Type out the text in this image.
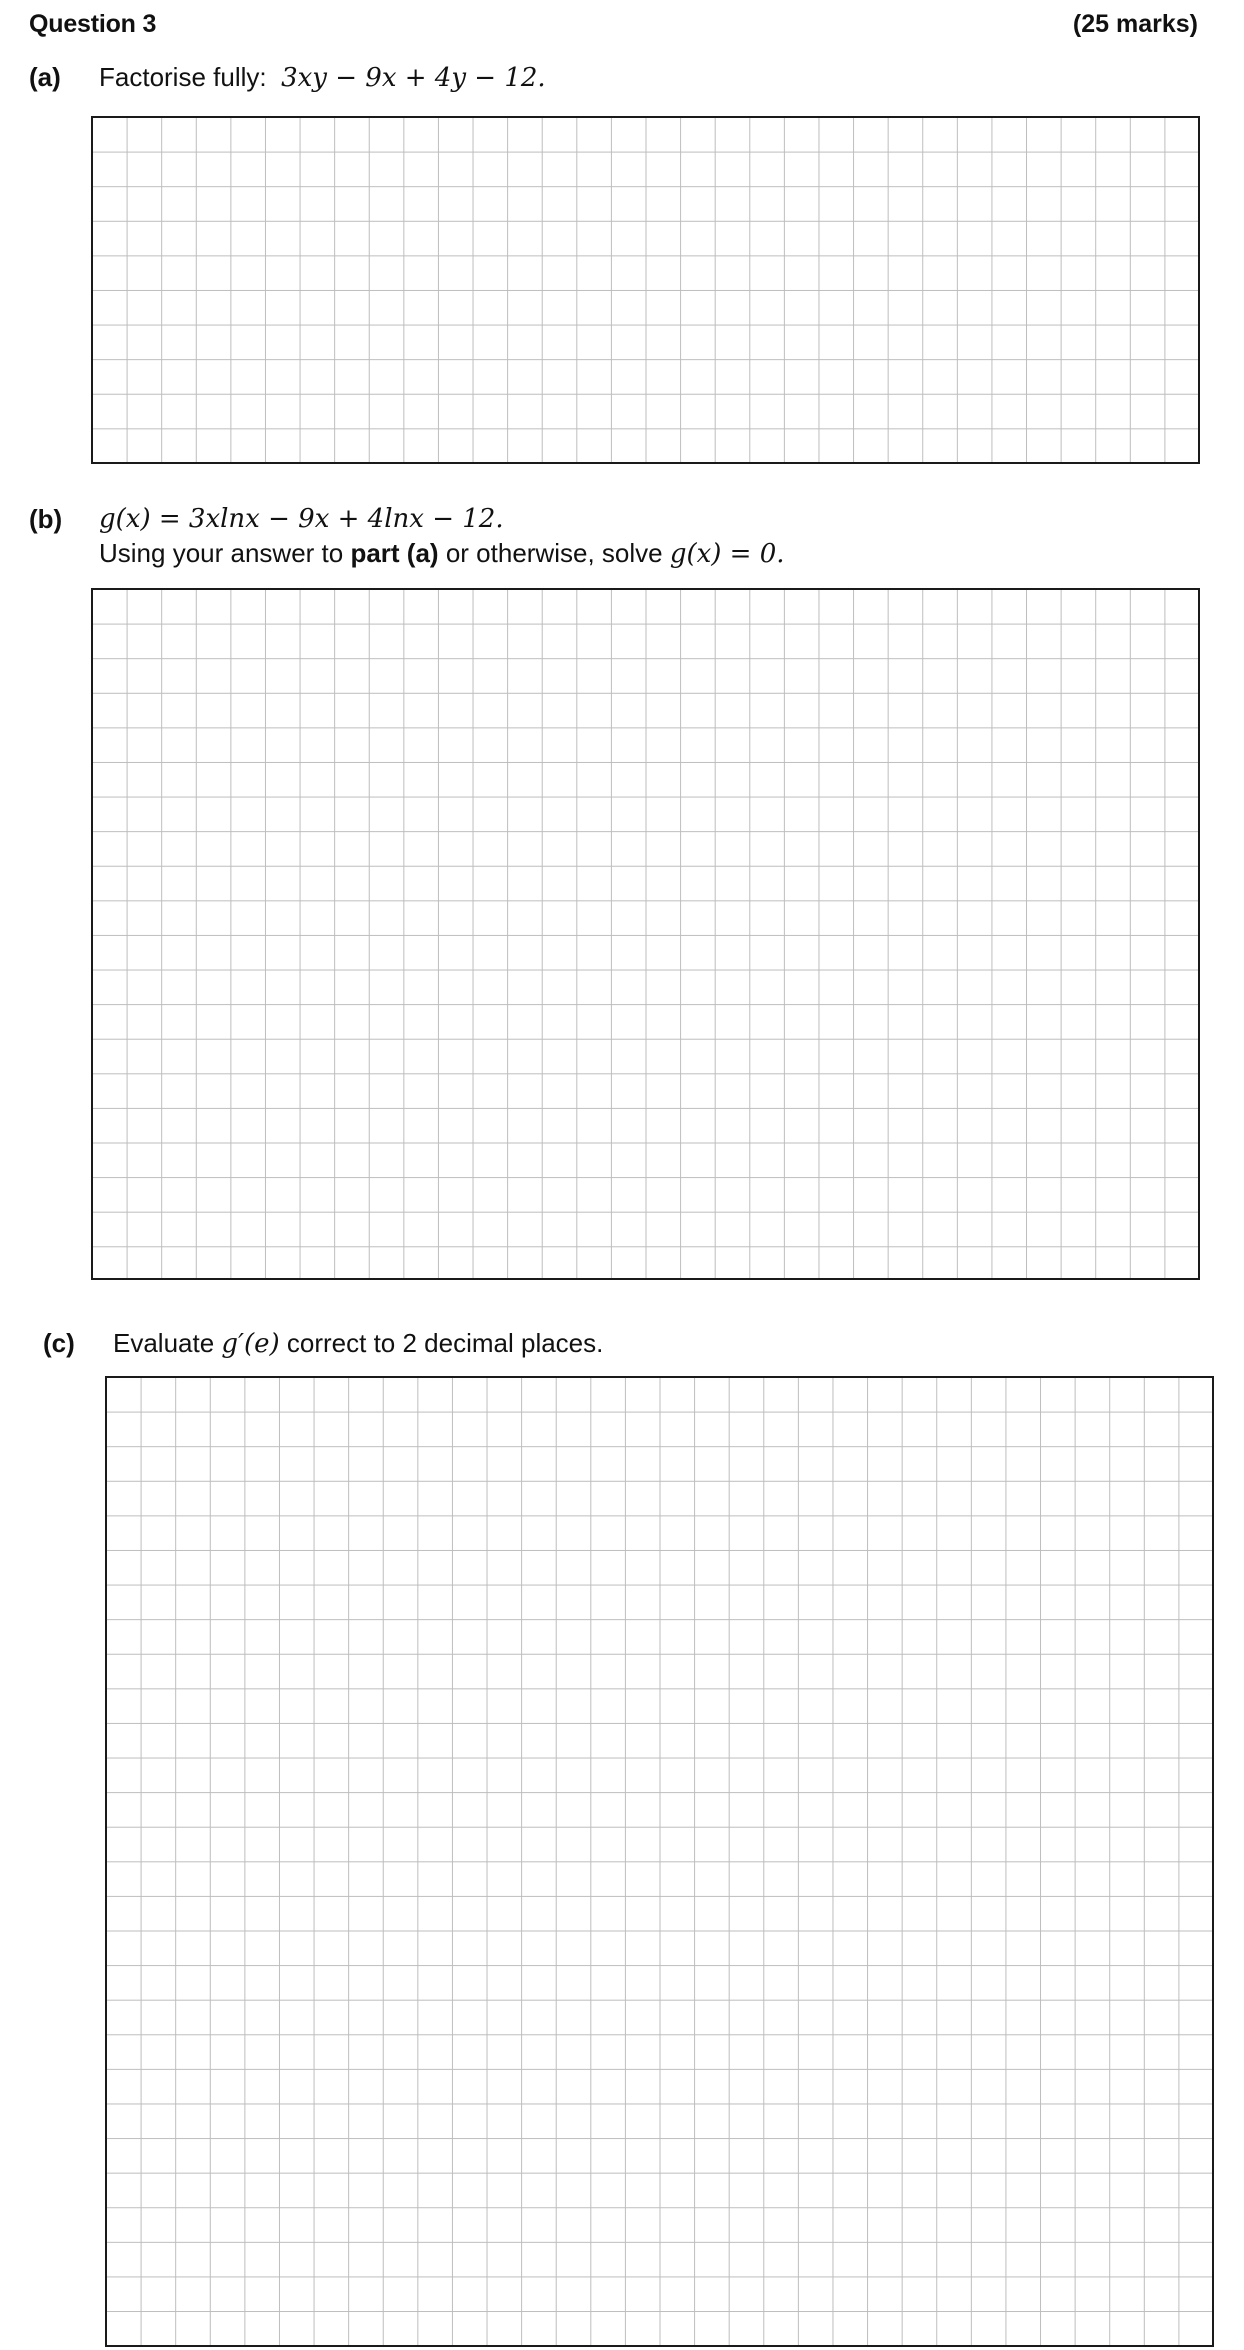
Question 3	(25 marks)
(a) Factorise fully: 3xy − 9x + 4y − 12.
(b) g(x) = 3xlnx − 9x + 4lnx − 12.
Using your answer to part (a) or otherwise, solve g(x) = 0.
(c) Evaluate g′(e) correct to 2 decimal places.
